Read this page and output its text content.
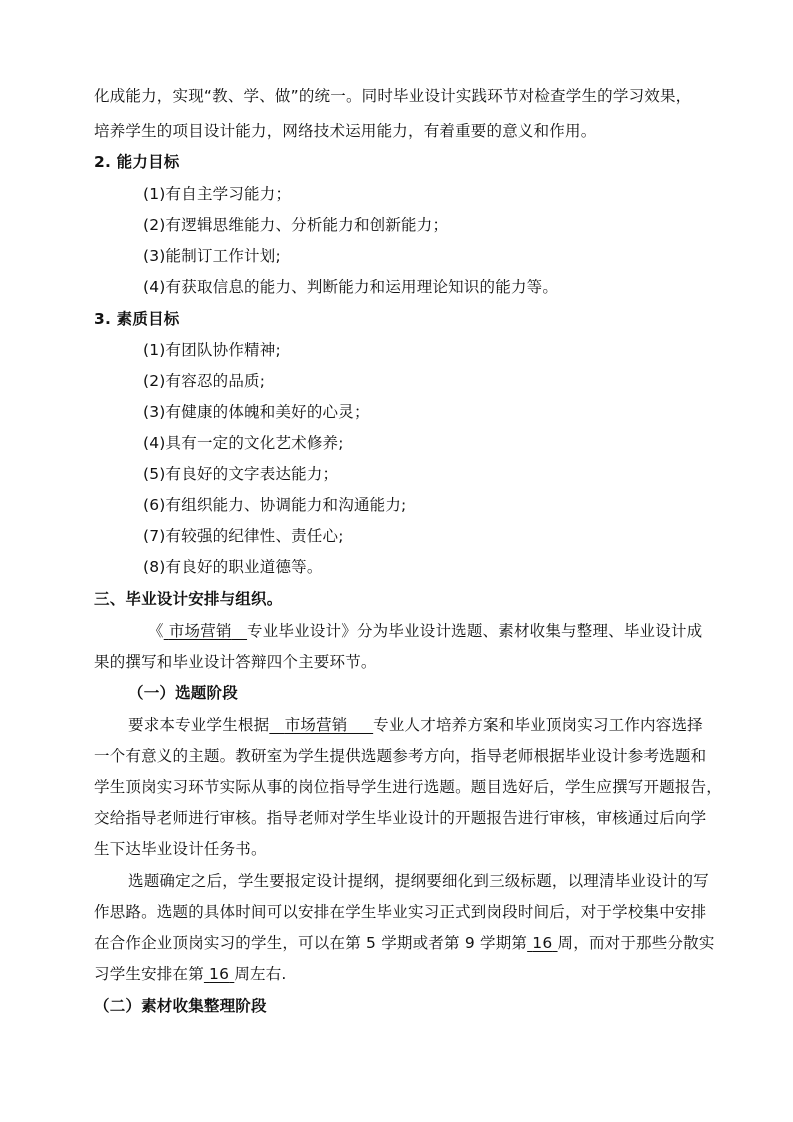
化成能力，实现“教、学、做”的统一。同时毕业设计实践环节对检查学生的学习效果，
培养学生的项目设计能力，网络技术运用能力，有着重要的意义和作用。
2. 能力目标
(1)有自主学习能力；
(2)有逻辑思维能力、分析能力和创新能力；
(3)能制订工作计划;
(4)有获取信息的能力、判断能力和运用理论知识的能力等。
3. 素质目标
(1)有团队协作精神;
(2)有容忍的品质;
(3)有健康的体魄和美好的心灵；
(4)具有一定的文化艺术修养;
(5)有良好的文字表达能力；
(6)有组织能力、协调能力和沟通能力;
(7)有较强的纪律性、责任心;
(8)有良好的职业道德等。
三、毕业设计安排与组织。
《 市场营销 专业毕业设计》分为毕业设计选题、素材收集与整理、毕业设计成
果的撰写和毕业设计答辩四个主要环节。
（一）选题阶段
要求本专业学生根据 市场营销 专业人才培养方案和毕业顶岗实习工作内容选择
一个有意义的主题。教研室为学生提供选题参考方向，指导老师根据毕业设计参考选题和
学生顶岗实习环节实际从事的岗位指导学生进行选题。题目选好后，学生应撰写开题报告，
交给指导老师进行审核。指导老师对学生毕业设计的开题报告进行审核，审核通过后向学
生下达毕业设计任务书。
选题确定之后，学生要报定设计提纲，提纲要细化到三级标题，以理清毕业设计的写
作思路。选题的具体时间可以安排在学生毕业实习正式到岗段时间后，对于学校集中安排
在合作企业顶岗实习的学生，可以在第 5 学期或者第 9 学期第 16 周，而对于那些分散实
习学生安排在第 16 周左右.
（二）素材收集整理阶段
